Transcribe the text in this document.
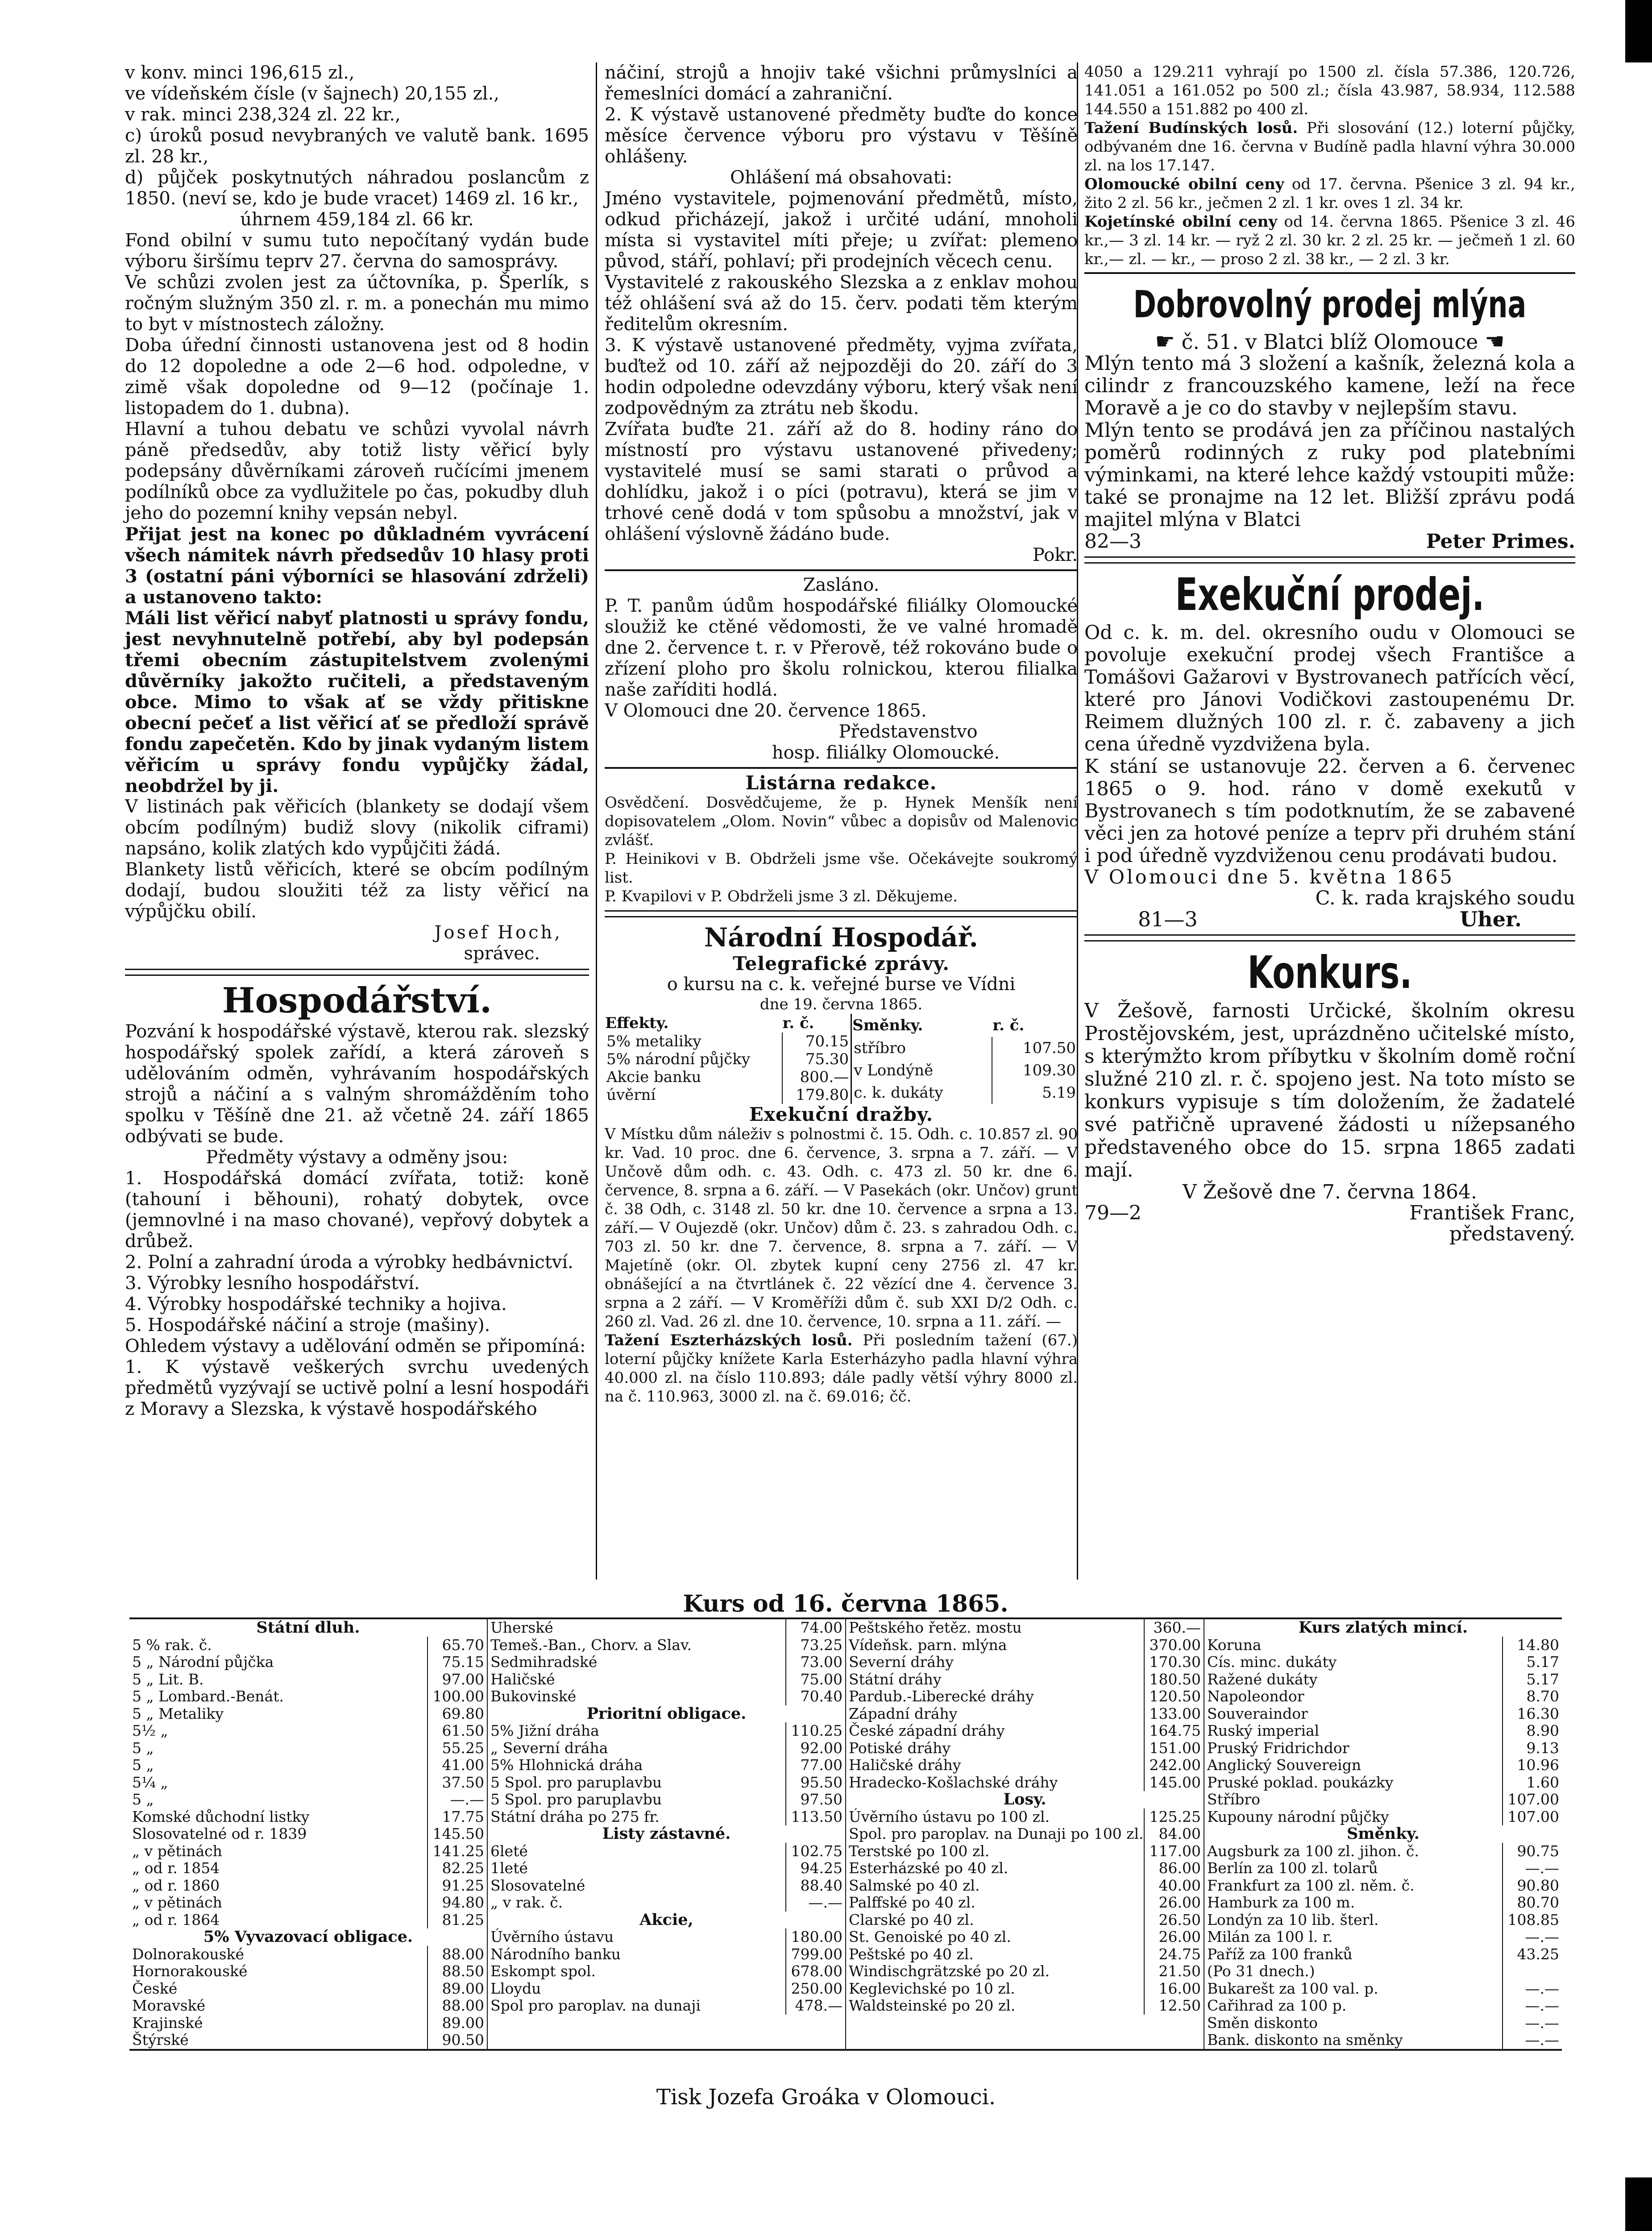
v konv. minci 196,615 zl.,

ve vídeňském čísle (v šajnech) 20,155 zl.,

v rak. minci 238,324 zl. 22 kr.,

c) úroků posud nevybraných ve valutě bank. 1695 zl. 28 kr.,

d) půjček poskytnutých náhradou poslancům z 1850. (neví se, kdo je bude vracet) 1469 zl. 16 kr.,

úhrnem 459,184 zl. 66 kr.

Fond obilní v sumu tuto nepočítaný vydán bude výboru širšímu teprv 27. června do samosprávy.

Ve schůzi zvolen jest za účtovníka, p. Šperlík, s ročným služným 350 zl. r. m. a ponechán mu mimo to byt v místnostech záložny.

Doba úřední činnosti ustanovena jest od 8 hodin do 12 dopoledne a ode 2—6 hod. odpoledne, v zimě však dopoledne od 9—12 (počínaje 1. listopadem do 1. dubna).

Hlavní a tuhou debatu ve schůzi vyvolal návrh páně předsedův, aby totiž listy věřicí byly podepsány důvěrníkami zároveň ručícími jmenem podílníků obce za vydlužitele po čas, pokudby dluh jeho do pozemní knihy vepsán nebyl.

Přijat jest na konec po důkladném vyvrácení všech námitek návrh předsedův 10 hlasy proti 3 (ostatní páni výborníci se hlasování zdrželi) a ustanoveno takto:

Máli list věřicí nabyť platnosti u správy fondu, jest nevyhnutelně potřebí, aby byl podepsán třemi obecním zástupitelstvem zvolenými důvěrníky jakožto ručiteli, a představeným obce. Mimo to však ať se vždy přitiskne obecní pečeť a list věřicí ať se předloží správě fondu zapečetěn. Kdo by jinak vydaným listem věřicím u správy fondu vypůjčky žádal, neobdržel by ji.

V listinách pak věřicích (blankety se dodají všem obcím podílným) budiž slovy (nikolik ciframi) napsáno, kolik zlatých kdo vypůjčiti žádá.

Blankety listů věřicích, které se obcím podílným dodají, budou sloužiti též za listy věřicí na výpůjčku obilí.

Josef Hoch,

správec.

Hospodářství.

Pozvání k hospodářské výstavě, kterou rak. slezský hospodářský spolek zařídí, a která zároveň s udělováním odměn, vyhrávaním hospodářských strojů a náčiní a s valným shromážděním toho spolku v Těšíně dne 21. až včetně 24. září 1865 odbývati se bude.

Předměty výstavy a odměny jsou:

1. Hospodářská domácí zvířata, totiž: koně (tahouní i běhouni), rohatý dobytek, ovce (jemnovlné i na maso chované), vepřový dobytek a drůbež.

2. Polní a zahradní úroda a výrobky hedbávnictví.

3. Výrobky lesního hospodářství.

4. Výrobky hospodářské techniky a hojiva.

5. Hospodářské náčiní a stroje (mašiny).

Ohledem výstavy a udělování odměn se připomíná:

1. K výstavě veškerých svrchu uvedených předmětů vyzývají se uctivě polní a lesní hospodáři z Moravy a Slezska, k výstavě hospodářského

náčiní, strojů a hnojiv také všichni průmyslníci a řemeslníci domácí a zahraniční.

2. K výstavě ustanovené předměty buďte do konce měsíce července výboru pro výstavu v Těšíně ohlášeny.

Ohlášení má obsahovati:

Jméno vystavitele, pojmenování předmětů, místo, odkud přicházejí, jakož i určité udání, mnoholi místa si vystavitel míti přeje; u zvířat: plemeno původ, stáří, pohlaví; při prodejních věcech cenu.

Vystavitelé z rakouského Slezska a z enklav mohou též ohlášení svá až do 15. červ. podati těm kterým ředitelům okresním.

3. K výstavě ustanovené předměty, vyjma zvířata, buďtež od 10. září až nejpozději do 20. září do 3 hodin odpoledne odevzdány výboru, který však není zodpovědným za ztrátu neb škodu.

Zvířata buďte 21. září až do 8. hodiny ráno do místností pro výstavu ustanovené přivedeny; vystavitelé musí se sami starati o průvod a dohlídku, jakož i o píci (potravu), která se jim v trhové ceně dodá v tom spůsobu a množství, jak v ohlášení výslovně žádáno bude.

Pokr.

Zasláno.

P. T. panům údům hospodářské filiálky Olomoucké sloužiž ke ctěné vědomosti, že ve valné hromadě dne 2. července t. r. v Přerově, též rokováno bude o zřízení ploho pro školu rolnickou, kterou filialka naše zaříditi hodlá.

V Olomouci dne 20. července 1865.

Představenstvo

hosp. filiálky Olomoucké.

Listárna redakce.

Osvědčení. Dosvědčujeme, že p. Hynek Menšík není dopisovatelem „Olom. Novin“ vůbec a dopisův od Malenovic zvlášť.

P. Heinikovi v B. Obdrželi jsme vše. Očekávejte soukromý list.

P. Kvapilovi v P. Obdrželi jsme 3 zl. Děkujeme.

Národní Hospodář.
Telegrafické zprávy.

o kursu na c. k. veřejné burse ve Vídni

dne 19. června 1865.

Effekty.	r. č.
5% metaliky	70.15
5% národní půjčky	75.30
Akcie banku	800.—
úvěrní	179.80
Směnky.	r. č.
stříbro	107.50
v Londýně	109.30
c. k. dukáty	5.19
Exekuční dražby.

V Místku dům náleživ s polnostmi č. 15. Odh. c. 10.857 zl. 90 kr. Vad. 10 proc. dne 6. července, 3. srpna a 7. září. — V Unčově dům odh. c. 43. Odh. c. 473 zl. 50 kr. dne 6. července, 8. srpna a 6. září. — V Pasekách (okr. Unčov) grunt č. 38 Odh, c. 3148 zl. 50 kr. dne 10. července a srpna a 13. září.— V Oujezdě (okr. Unčov) dům č. 23. s zahradou Odh. c. 703 zl. 50 kr. dne 7. července, 8. srpna a 7. září. — V Majetíně (okr. Ol. zbytek kupní ceny 2756 zl. 47 kr. obnášející a na čtvrtlánek č. 22 vězící dne 4. července 3. srpna a 2 září. — V Kroměříži dům č. sub XXI D/2 Odh. c. 260 zl. Vad. 26 zl. dne 10. července, 10. srpna a 11. září. —

Tažení Eszterházských losů. Při posledním tažení (67.) loterní půjčky knížete Karla Esterházyho padla hlavní výhra 40.000 zl. na číslo 110.893; dále padly větší výhry 8000 zl. na č. 110.963, 3000 zl. na č. 69.016; čč.

4050 a 129.211 vyhrají po 1500 zl. čísla 57.386, 120.726, 141.051 a 161.052 po 500 zl.; čísla 43.987, 58.934, 112.588 144.550 a 151.882 po 400 zl.

Tažení Budínských losů. Při slosování (12.) loterní půjčky, odbývaném dne 16. června v Budíně padla hlavní výhra 30.000 zl. na los 17.147.

Olomoucké obilní ceny od 17. června. Pšenice 3 zl. 94 kr., žito 2 zl. 56 kr., ječmen 2 zl. 1 kr. oves 1 zl. 34 kr.

Kojetínské obilní ceny od 14. června 1865. Pšenice 3 zl. 46 kr.,— 3 zl. 14 kr. — ryž 2 zl. 30 kr. 2 zl. 25 kr. — ječmeň 1 zl. 60 kr.,— zl. — kr., — proso 2 zl. 38 kr., — 2 zl. 3 kr.

Dobrovolný prodej mlýna

☛ č. 51. v Blatci blíž Olomouce ☛

Mlýn tento má 3 složení a kašník, železná kola a cilindr z francouzského kamene, leží na řece Moravě a je co do stavby v nejlepším stavu.

Mlýn tento se prodává jen za příčinou nastalých poměrů rodinných z ruky pod platebními výminkami, na které lehce každý vstoupiti může: také se pronajme na 12 let. Bližší zprávu podá majitel mlýna v Blatci

82—3	Peter Primes.
Exekuční prodej.

Od c. k. m. del. okresního oudu v Olomouci se povoluje exekuční prodej všech Františce a Tomášovi Gažarovi v Bystrovanech patřících věcí, které pro Jánovi Vodičkovi zastoupenému Dr. Reimem dlužných 100 zl. r. č. zabaveny a jich cena úředně vyzdvižena byla.

K stání se ustanovuje 22. červen a 6. červenec 1865 o 9. hod. ráno v domě exekutů v Bystrovanech s tím podotknutím, že se zabavené věci jen za hotové peníze a teprv při druhém stání i pod úředně vyzdviženou cenu prodávati budou.

V Olomouci dne 5. května 1865

C. k. rada krajského soudu

81—3	Uher.
Konkurs.

V Žešově, farnosti Určické, školním okresu Prostějovském, jest, uprázdněno učitelské místo, s kterýmžto krom příbytku v školním domě roční služné 210 zl. r. č. spojeno jest. Na toto místo se konkurs vypisuje s tím doložením, že žadatelé své patřičně upravené žádosti u nížepsaného představeného obce do 15. srpna 1865 zadati mají.

V Žešově dne 7. června 1864.

79—2	František Franc,

představený.

Kurs od 16. června 1865.
Státní dluh.
5 % rak. č.	65.70
5 „ Národní půjčka	75.15
5 „ Lit. B.	97.00
5 „ Lombard.-Benát.	100.00
5 „ Metaliky	69.80
5½ „	61.50
5 „	55.25
5 „	41.00
5¼ „	37.50
5 „	—.—
Komské důchodní listky	17.75
Slosovatelné od r. 1839	145.50
„ v pětinách	141.25
„ od r. 1854	82.25
„ od r. 1860	91.25
„ v pětinách	94.80
„ od r. 1864	81.25
5% Vyvazovací obligace.
Dolnorakouské	88.00
Hornorakouské	88.50
České	89.00
Moravské	88.00
Krajinské	89.00
Štýrské	90.50
Uherské	74.00
Temeš.-Ban., Chorv. a Slav.	73.25
Sedmihradské	73.00
Haličské	75.00
Bukovinské	70.40
Prioritní obligace.
5% Jižní dráha	110.25
„ Severní dráha	92.00
5% Hlohnická dráha	77.00
5 Spol. pro paruplavbu	95.50
5 Spol. pro paruplavbu	97.50
Státní dráha po 275 fr.	113.50
Listy zástavné.
6leté	102.75
1leté	94.25
Slosovatelné	88.40
„ v rak. č.	—.—
Akcie,
Úvěrního ústavu	180.00
Národního banku	799.00
Eskompt spol.	678.00
Lloydu	250.00
Spol pro paroplav. na dunaji	478.—
Peštského řetěz. mostu	360.—
Vídeňsk. parn. mlýna	370.00
Severní dráhy	170.30
Státní dráhy	180.50
Pardub.-Liberecké dráhy	120.50
Západní dráhy	133.00
České západní dráhy	164.75
Potiské dráhy	151.00
Haličské dráhy	242.00
Hradecko-Košlachské dráhy	145.00
Losy.
Úvěrního ústavu po 100 zl.	125.25
Spol. pro paroplav. na Dunaji po 100 zl.	84.00
Terstské po 100 zl.	117.00
Esterházské po 40 zl.	86.00
Salmské po 40 zl.	40.00
Palffské po 40 zl.	26.00
Clarské po 40 zl.	26.50
St. Genoiské po 40 zl.	26.00
Peštské po 40 zl.	24.75
Windischgrätzské po 20 zl.	21.50
Keglevichské po 10 zl.	16.00
Waldsteinské po 20 zl.	12.50
Kurs zlatých mincí.
Koruna	14.80
Cís. minc. dukáty	5.17
Ražené dukáty	5.17
Napoleondor	8.70
Souveraindor	16.30
Ruský imperial	8.90
Pruský Fridrichdor	9.13
Anglický Souvereign	10.96
Pruské poklad. poukázky	1.60
Stříbro	107.00
Kupouny národní půjčky	107.00
Směnky.
Augsburk za 100 zl. jihon. č.	90.75
Berlín za 100 zl. tolarů	—.—
Frankfurt za 100 zl. něm. č.	90.80
Hamburk za 100 m.	80.70
Londýn za 10 lib. šterl.	108.85
Milán za 100 l. r.	—.—
Paříž za 100 franků	43.25
(Po 31 dnech.)
Bukarešt za 100 val. p.	—.—
Cařihrad za 100 p.	—.—
Směn diskonto	—.—
Bank. diskonto na směnky	—.—
Tisk Jozefa Groáka v Olomouci.
